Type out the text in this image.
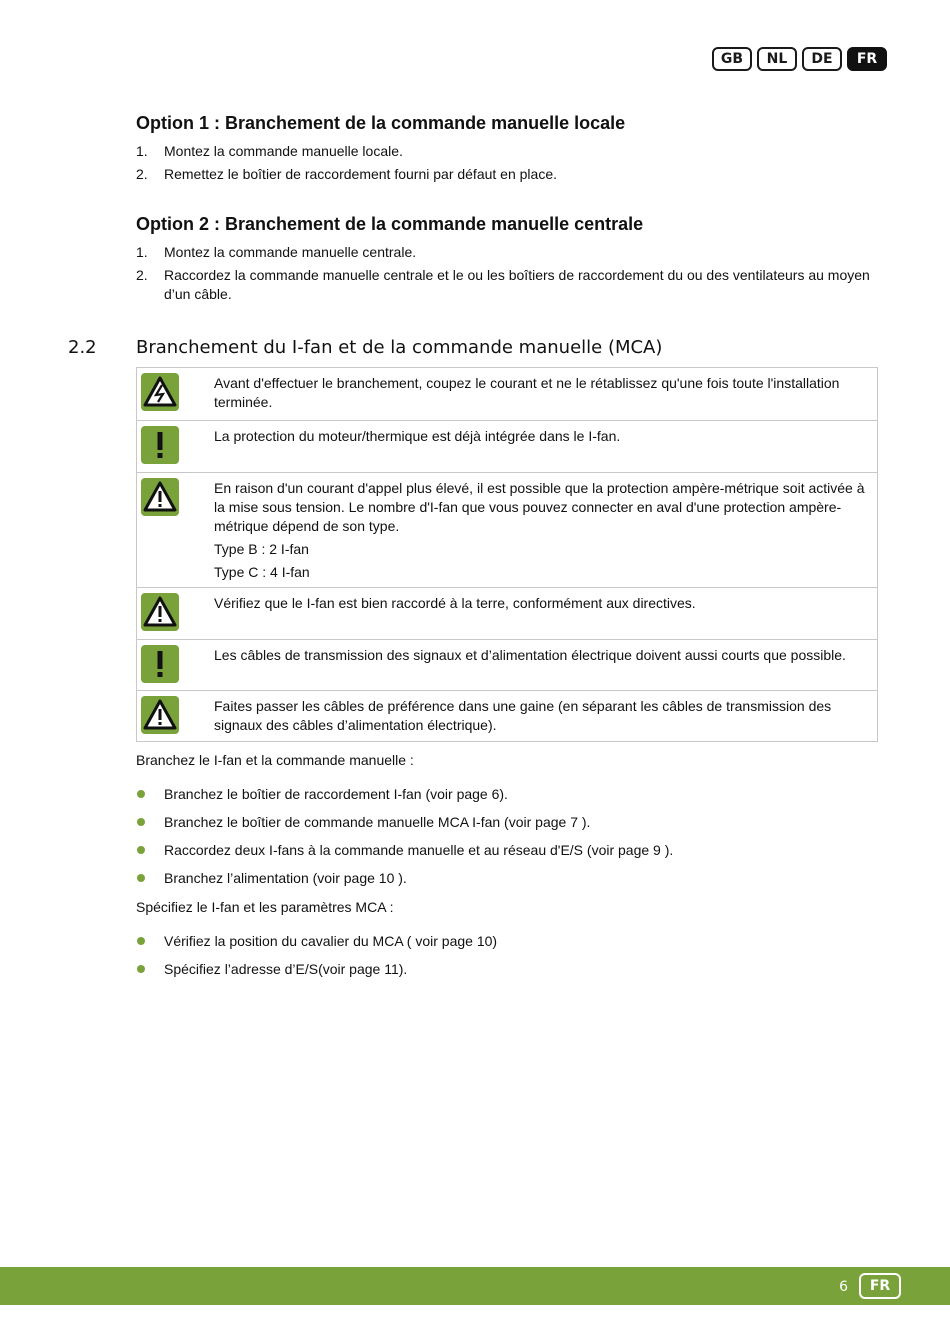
GB	NL	DE	FR
Option 1 : Branchement de la commande manuelle locale
1. Montez la commande manuelle locale.
2. Remettez le boîtier de raccordement fourni par défaut en place.
Option 2 : Branchement de la commande manuelle centrale
1. Montez la commande manuelle centrale.
2. Raccordez la commande manuelle centrale et le ou les boîtiers de raccordement du ou des ventilateurs au moyen d’un câble.
2.2 Branchement du I-fan et de la commande manuelle (MCA)

Avant d'effectuer le branchement, coupez le courant et ne le rétablissez qu'une fois toute l'installation terminée.

La protection du moteur/thermique est déjà intégrée dans le I-fan.

En raison d'un courant d'appel plus élevé, il est possible que la protection ampère-métrique soit activée à la mise sous tension. Le nombre d'I-fan que vous pouvez connecter en aval d'une protection ampère-métrique dépend de son type.

Type B : 2 I-fan

Type C : 4 I-fan

Vérifiez que le I-fan est bien raccordé à la terre, conformément aux directives.

Les câbles de transmission des signaux et d’alimentation électrique doivent aussi courts que possible.

Faites passer les câbles de préférence dans une gaine (en séparant les câbles de transmission des signaux des câbles d’alimentation électrique).

Branchez le I-fan et la commande manuelle :

Branchez le boîtier de raccordement I-fan (voir page 6).
Branchez le boîtier de commande manuelle MCA I-fan (voir page 7 ).
Raccordez deux I-fans à la commande manuelle et au réseau d'E/S (voir page 9 ).
Branchez l’alimentation (voir page 10 ).

Spécifiez le I-fan et les paramètres MCA :

Vérifiez la position du cavalier du MCA ( voir page 10)
Spécifiez l’adresse d’E/S(voir page 11).
6	FR
